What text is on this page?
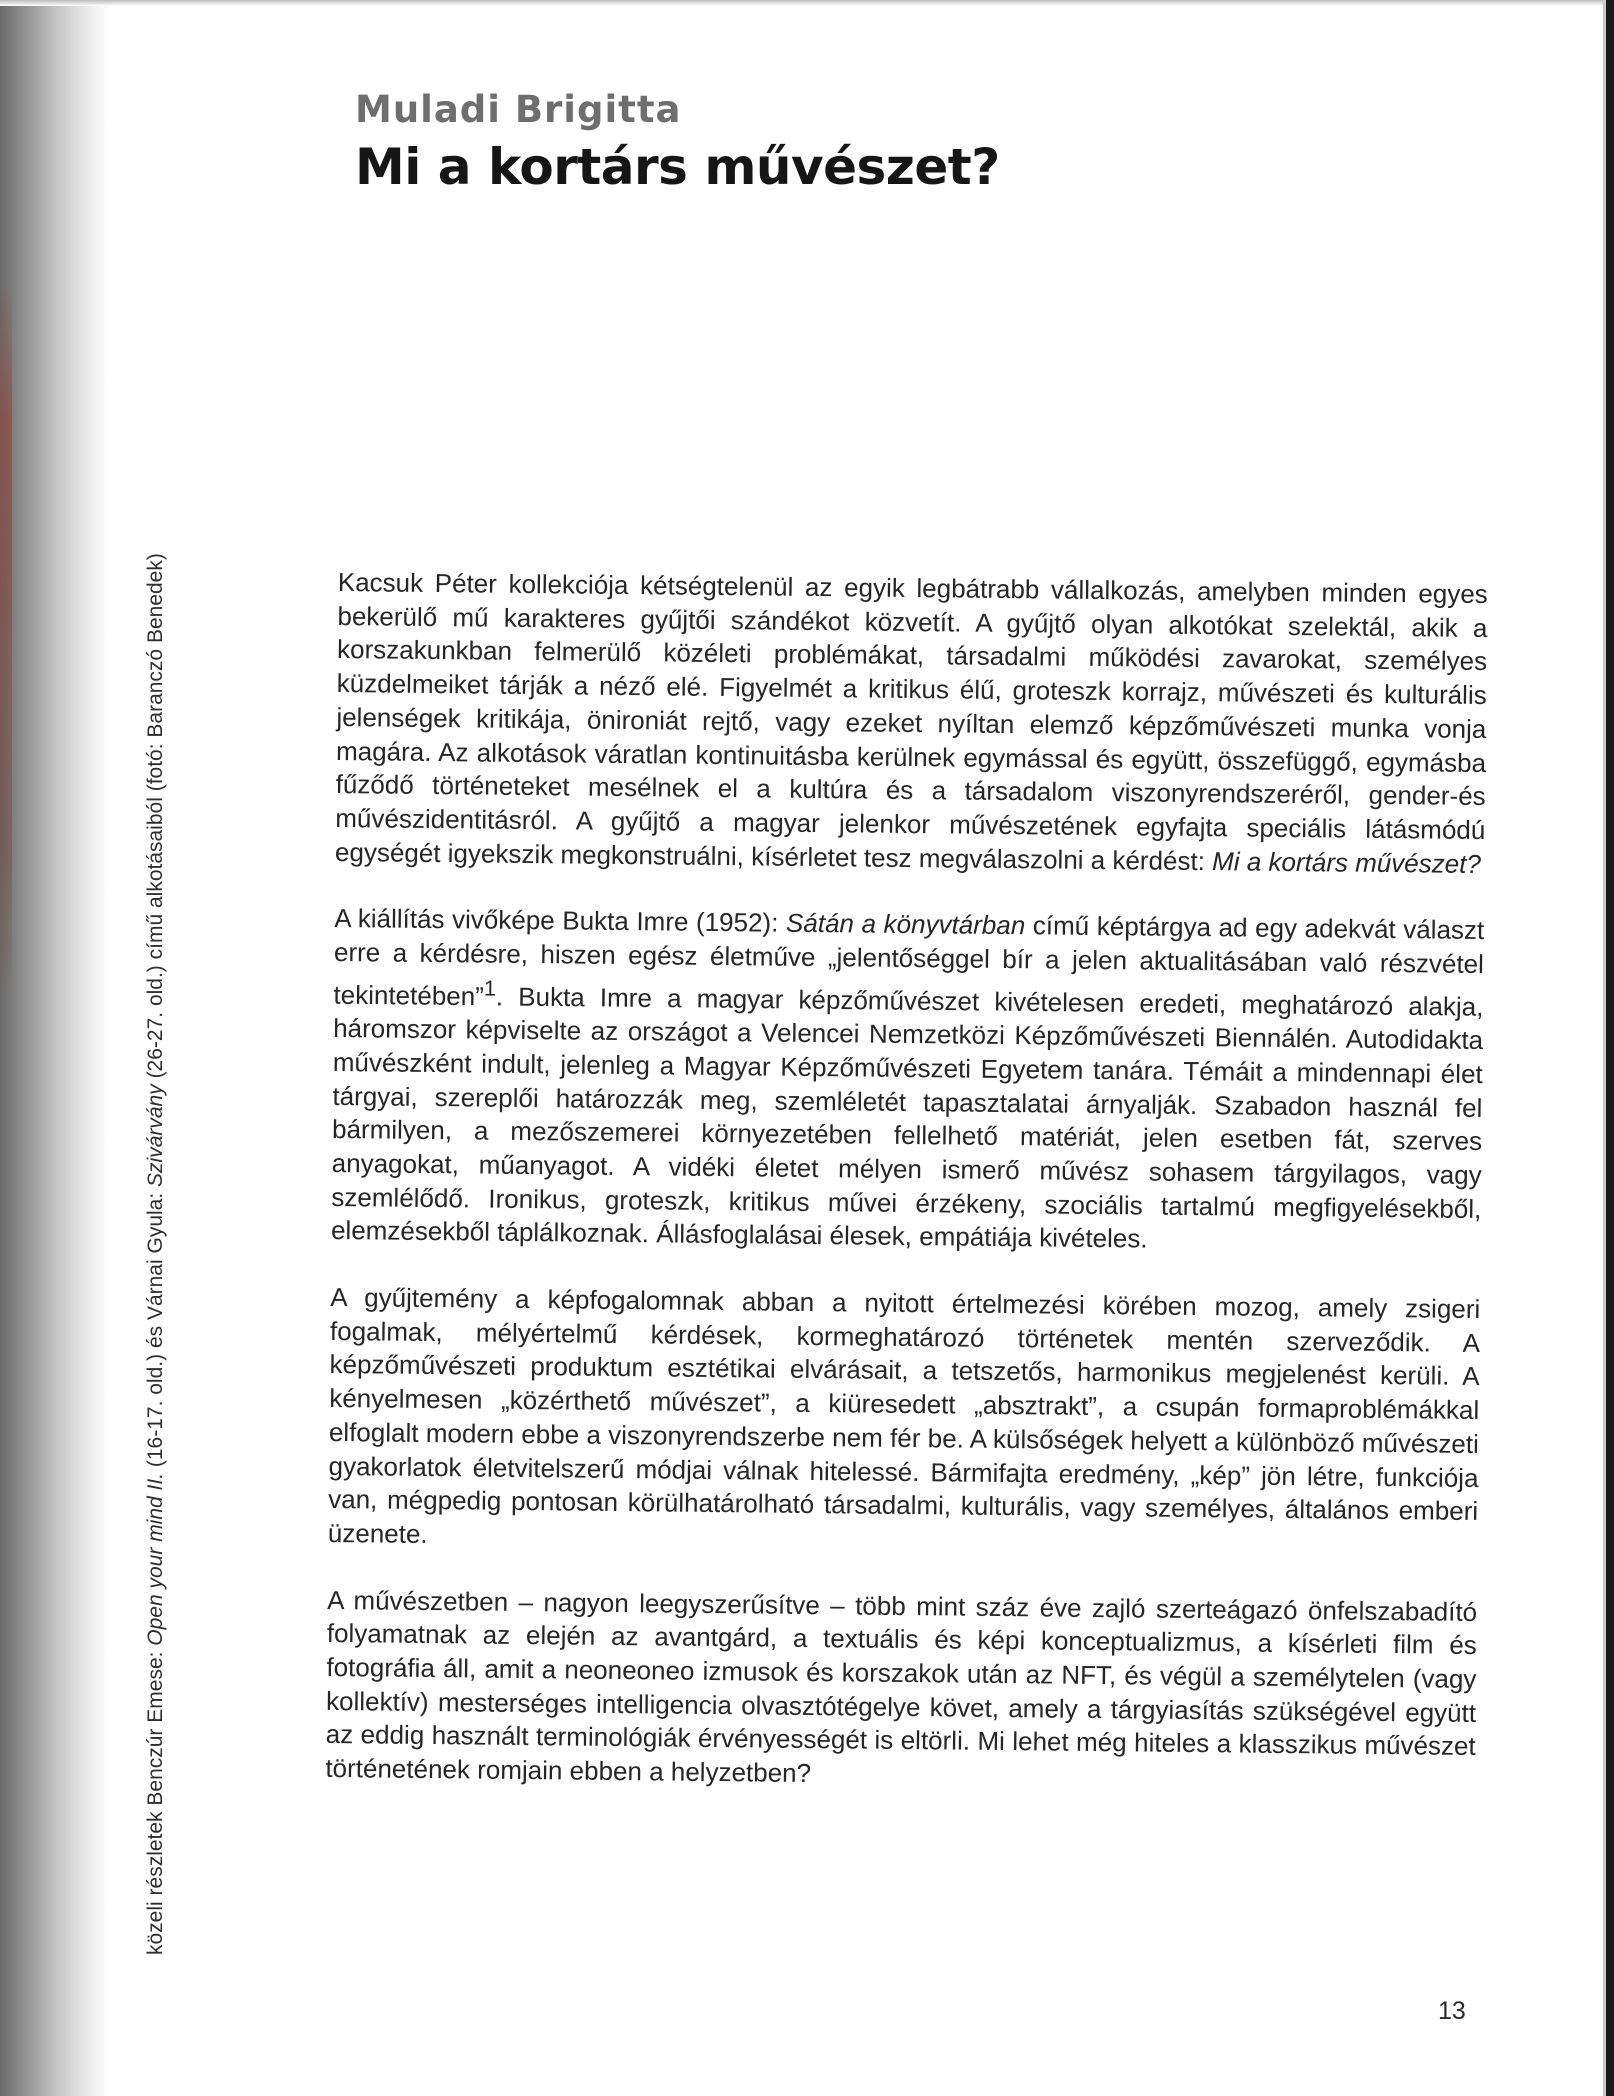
Muladi Brigitta
Mi a kortárs művészet?
közeli részletek Benczúr Emese: Open your mind II. (16-17. old.) és Várnai Gyula: Szivárvány (26-27. old.) című alkotásaiból (fotó: Baranczó Benedek)	Kacsuk Péter kollekciója kétségtelenül az egyik legbátrabb vállalkozás, amelyben minden egyes bekerülő mű karakteres gyűjtői szándékot közvetít. A gyűjtő olyan alkotókat szelektál, akik a korszakunkban felmerülő közéleti problémákat, társadalmi működési zavarokat, személyes küzdelmeiket tárják a néző elé. Figyelmét a kritikus élű, groteszk korrajz, művészeti és kulturális jelenségek kritikája, önironiát rejtő, vagy ezeket nyíltan elemző képzőművészeti munka vonja magára. Az alkotások váratlan kontinuitásba kerülnek egymással és együtt, összefüggő, egymásba fűződő történeteket mesélnek el a kultúra és a társadalom viszonyrendszeréről, gender-és művészidentitásról. A gyűjtő a magyar jelenkor művészetének egyfajta speciális látásmódú egységét igyekszik megkonstruálni, kísérletet tesz megválaszolni a kérdést: Mi a kortárs művészet?

A kiállítás vivőképe Bukta Imre (1952): Sátán a könyvtárban című képtárgya ad egy adekvát választ erre a kérdésre, hiszen egész életműve „jelentőséggel bír a jelen aktualitásában való részvétel tekintetében”$^1$. Bukta Imre a magyar képzőművészet kivételesen eredeti, meghatározó alakja, háromszor képviselte az országot a Velencei Nemzetközi Képzőművészeti Biennálén. Autodidakta művészként indult, jelenleg a Magyar Képzőművészeti Egyetem tanára. Témáit a mindennapi élet tárgyai, szereplői határozzák meg, szemléletét tapasztalatai árnyalják. Szabadon használ fel bármilyen, a mezőszemerei környezetében fellelhető matériát, jelen esetben fát, szerves anyagokat, műanyagot. A vidéki életet mélyen ismerő művész sohasem tárgyilagos, vagy szemlélődő. Ironikus, groteszk, kritikus művei érzékeny, szociális tartalmú megfigyelésekből, elemzésekből táplálkoznak. Állásfoglalásai élesek, empátiája kivételes.

A gyűjtemény a képfogalomnak abban a nyitott értelmezési körében mozog, amely zsigeri fogalmak, mélyértelmű kérdések, kormeghatározó történetek mentén szerveződik. A képzőművészeti produktum esztétikai elvárásait, a tetszetős, harmonikus megjelenést kerüli. A kényelmesen „közérthető művészet”, a kiüresedett „absztrakt”, a csupán formaproblémákkal elfoglalt modern ebbe a viszonyrendszerbe nem fér be. A külsőségek helyett a különböző művészeti gyakorlatok életvitelszerű módjai válnak hitelessé. Bármifajta eredmény, „kép” jön létre, funkciója van, mégpedig pontosan körülhatárolható társadalmi, kulturális, vagy személyes, általános emberi üzenete.

A művészetben – nagyon leegyszerűsítve – több mint száz éve zajló szerteágazó önfelszabadító folyamatnak az elején az avantgárd, a textuális és képi konceptualizmus, a kísérleti film és fotográfia áll, amit a neoneoneo izmusok és korszakok után az NFT, és végül a személytelen (vagy kollektív) mesterséges intelligencia olvasztótégelye követ, amely a tárgyiasítás szükségével együtt az eddig használt terminológiák érvényességét is eltörli. Mi lehet még hiteles a klasszikus művészet történetének romjain ebben a helyzetben?

13
